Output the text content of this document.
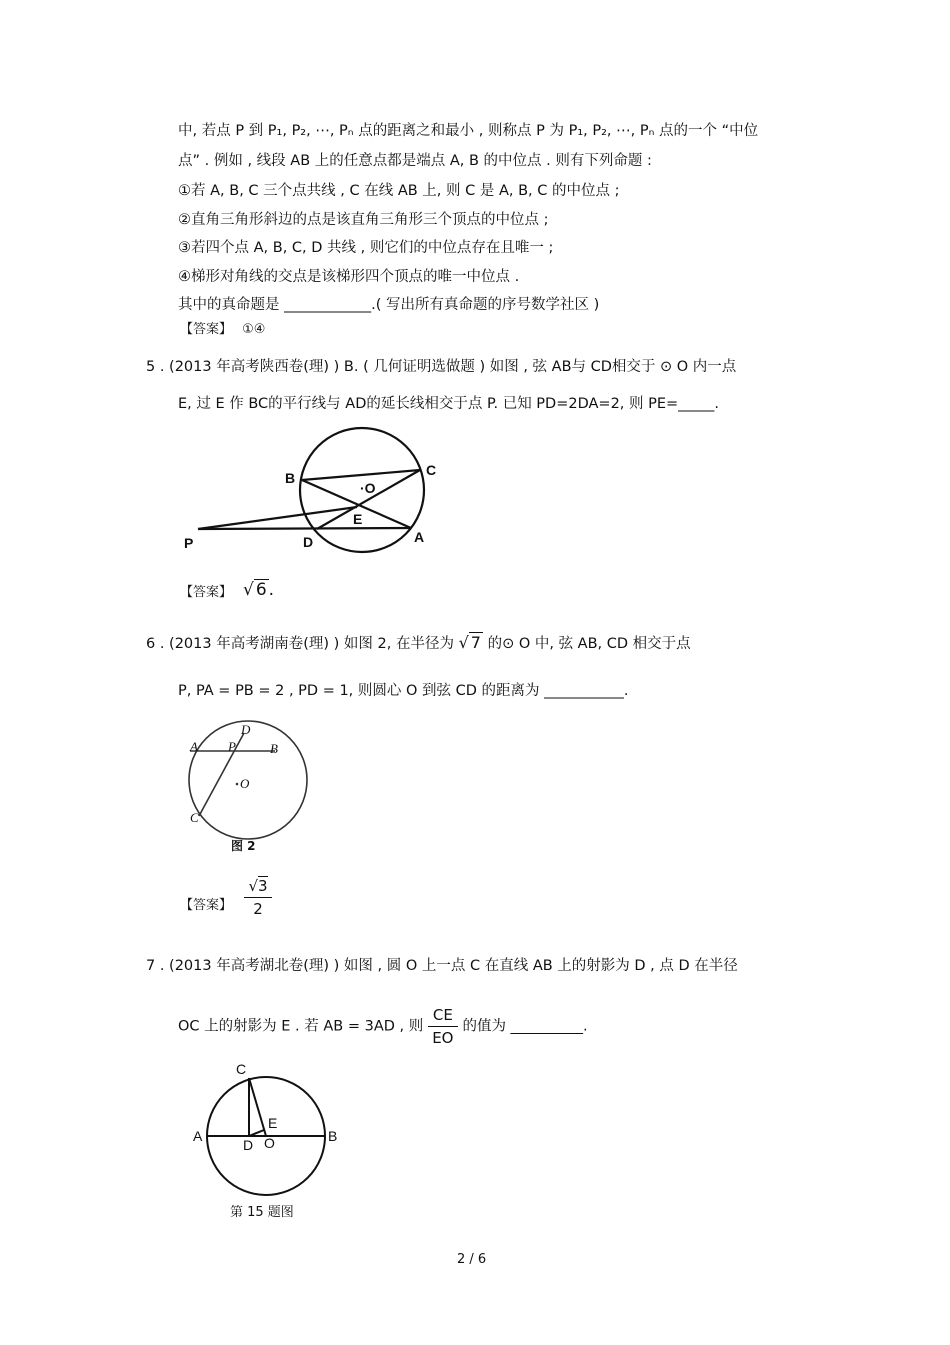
中, 若点 P 到 P₁, P₂, ⋯, Pₙ 点的距离之和最小 , 则称点 P 为 P₁, P₂, ⋯, Pₙ 点的一个 “中位
点” . 例如 , 线段 AB 上的任意点都是端点 A, B 的中位点 . 则有下列命题 :
①若 A, B, C 三个点共线 , C 在线 AB 上, 则 C 是 A, B, C 的中位点 ;
②直角三角形斜边的点是该直角三角形三个顶点的中位点 ;
③若四个点 A, B, C, D 共线 , 则它们的中位点存在且唯一 ;
④梯形对角线的交点是该梯形四个顶点的唯一中位点 .
其中的真命题是 ____________.( 写出所有真命题的序号数学社区 )
【答案】 ①④
5 . (2013 年高考陕西卷(理) ) B. ( 几何证明选做题 ) 如图 , 弦 AB与 CD相交于 ⊙ O 内一点
E, 过 E 作 BC的平行线与 AD的延长线相交于点 P. 已知 PD=2DA=2, 则 PE=_____.
B	C
·O
E
P	D	A
【答案】 √ 6 .
6 . (2013 年高考湖南卷(理) ) 如图 2, 在半径为 √ 7 的⊙ O 中, 弦 AB, CD 相交于点
P, PA = PB = 2 , PD = 1, 则圆心 O 到弦 CD 的距离为 ___________.
A P
D
B
O
C
图 2
【答案】
√3
2
7 . (2013 年高考湖北卷(理) ) 如图 , 圆 O 上一点 C 在直线 AB 上的射影为 D , 点 D 在半径
OC 上的射影为 E . 若 AB = 3AD , 则 $\frac{CE}{EO}$ 的值为 __________.
C
A	B
E
D O
第 15 题图
2 / 6
